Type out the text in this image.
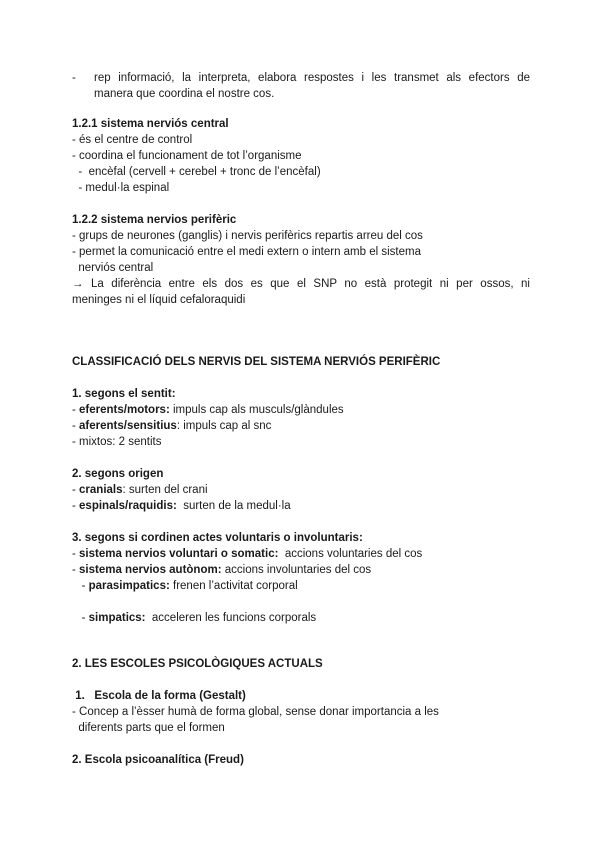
-	rep informació, la interpreta, elabora respostes i les transmet als efectors de
manera que coordina el nostre cos.
1.2.1 sistema nerviós central
- és el centre de control
- coordina el funcionament de tot l’organisme
-  encèfal (cervell + cerebel + tronc de l’encèfal)
- medul·la espinal
1.2.2 sistema nervios perifèric
- grups de neurones (ganglis) i nervis perifèrics repartis arreu del cos
- permet la comunicació entre el medi extern o intern amb el sistema
nerviós central
→ La diferència entre els dos es que el SNP no està protegit ni per ossos, ni
meninges ni el líquid cefaloraquidi
CLASSIFICACIÓ DELS NERVIS DEL SISTEMA NERVIÓS PERIFÈRIC
1. segons el sentit:
- eferents/motors: impuls cap als musculs/glàndules
- aferents/sensitius: impuls cap al snc
- mixtos: 2 sentits
2. segons origen
- cranials: surten del crani
- espinals/raquidis:  surten de la medul·la
3. segons si cordinen actes voluntaris o involuntaris:
- sistema nervios voluntari o somatic:  accions voluntaries del cos
- sistema nervios autònom: accions involuntaries del cos
- parasimpatics: frenen l’activitat corporal
- simpatics:  acceleren les funcions corporals
2. LES ESCOLES PSICOLÒGIQUES ACTUALS
1.   Escola de la forma (Gestalt)
- Concep a l’èsser humà de forma global, sense donar importancia a les
diferents parts que el formen
2. Escola psicoanalítica (Freud)
